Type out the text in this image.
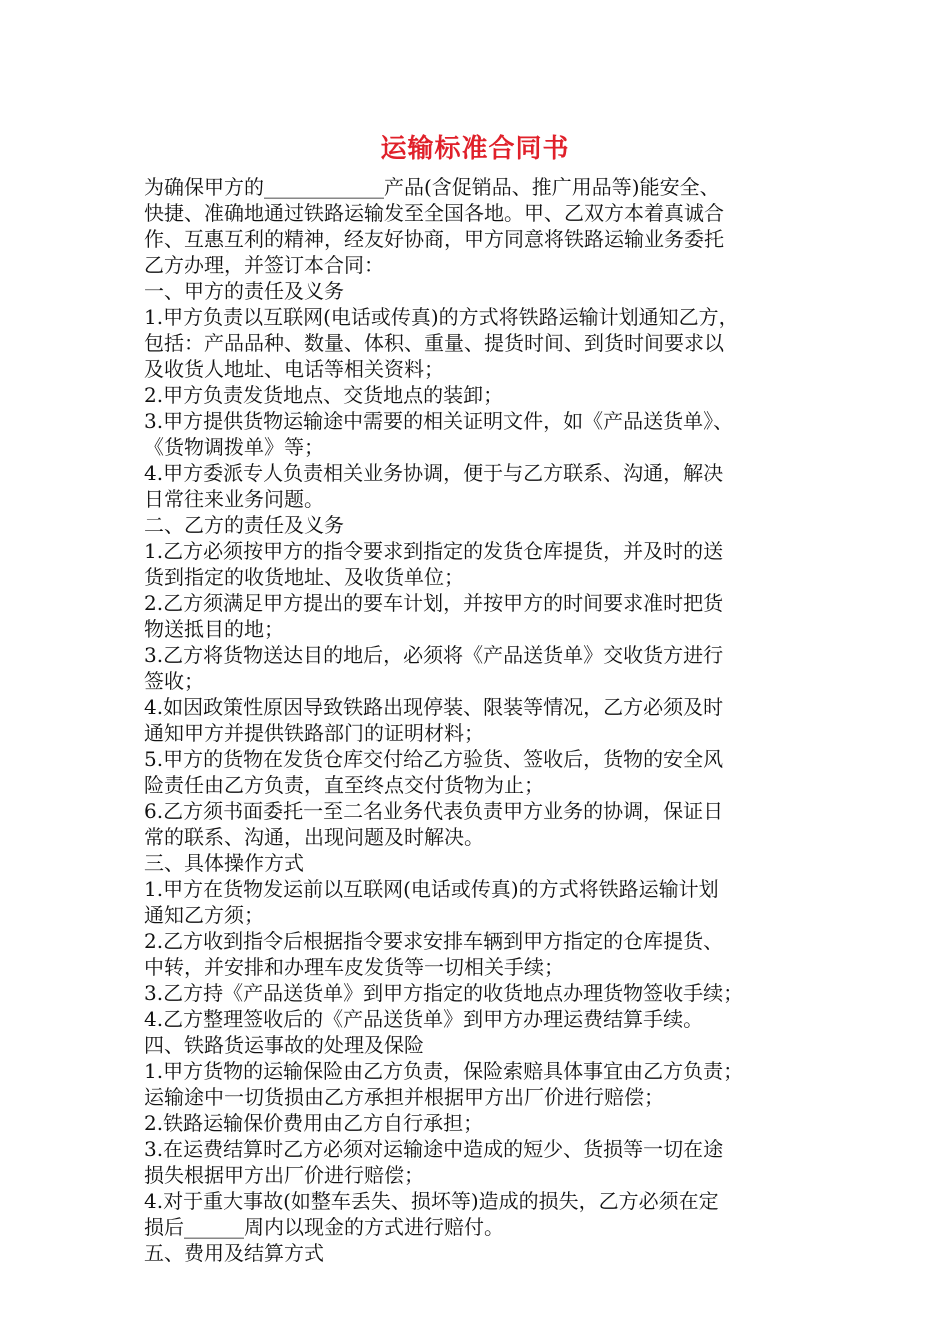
运输标准合同书
为确保甲方的____________产品(含促销品、推广用品等)能安全、
快捷、准确地通过铁路运输发至全国各地。甲、乙双方本着真诚合
作、互惠互利的精神，经友好协商，甲方同意将铁路运输业务委托
乙方办理，并签订本合同：
一、甲方的责任及义务
1.甲方负责以互联网(电话或传真)的方式将铁路运输计划通知乙方，
包括：产品品种、数量、体积、重量、提货时间、到货时间要求以
及收货人地址、电话等相关资料；
2.甲方负责发货地点、交货地点的装卸；
3.甲方提供货物运输途中需要的相关证明文件，如《产品送货单》、
《货物调拨单》等；
4.甲方委派专人负责相关业务协调，便于与乙方联系、沟通，解决
日常往来业务问题。
二、乙方的责任及义务
1.乙方必须按甲方的指令要求到指定的发货仓库提货，并及时的送
货到指定的收货地址、及收货单位；
2.乙方须满足甲方提出的要车计划，并按甲方的时间要求准时把货
物送抵目的地；
3.乙方将货物送达目的地后，必须将《产品送货单》交收货方进行
签收；
4.如因政策性原因导致铁路出现停装、限装等情况，乙方必须及时
通知甲方并提供铁路部门的证明材料；
5.甲方的货物在发货仓库交付给乙方验货、签收后，货物的安全风
险责任由乙方负责，直至终点交付货物为止；
6.乙方须书面委托一至二名业务代表负责甲方业务的协调，保证日
常的联系、沟通，出现问题及时解决。
三、具体操作方式
1.甲方在货物发运前以互联网(电话或传真)的方式将铁路运输计划
通知乙方须；
2.乙方收到指令后根据指令要求安排车辆到甲方指定的仓库提货、
中转，并安排和办理车皮发货等一切相关手续；
3.乙方持《产品送货单》到甲方指定的收货地点办理货物签收手续；
4.乙方整理签收后的《产品送货单》到甲方办理运费结算手续。
四、铁路货运事故的处理及保险
1.甲方货物的运输保险由乙方负责，保险索赔具体事宜由乙方负责；
运输途中一切货损由乙方承担并根据甲方出厂价进行赔偿；
2.铁路运输保价费用由乙方自行承担；
3.在运费结算时乙方必须对运输途中造成的短少、货损等一切在途
损失根据甲方出厂价进行赔偿；
4.对于重大事故(如整车丢失、损坏等)造成的损失，乙方必须在定
损后______周内以现金的方式进行赔付。
五、费用及结算方式
